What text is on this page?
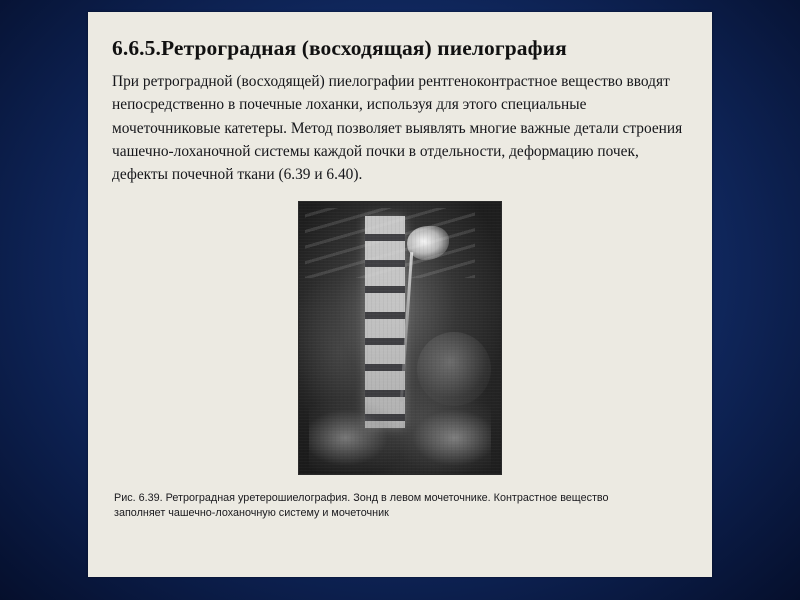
6.6.5.Ретроградная (восходящая) пиелография

При ретроградной (восходящей) пиелографии рентгеноконтрастное вещество вводят непосредственно в почечные лоханки, используя для этого специальные мочеточниковые катетеры. Метод позволяет выявлять многие важные детали строения чашечно-лоханочной системы каждой почки в отдельности, деформацию почек, дефекты почечной ткани (6.39 и 6.40).

Рис. 6.39. Ретроградная уретерошиелография. Зонд в левом мочеточнике. Контрастное вещество

заполняет чашечно-лоханочную систему и мочеточник
